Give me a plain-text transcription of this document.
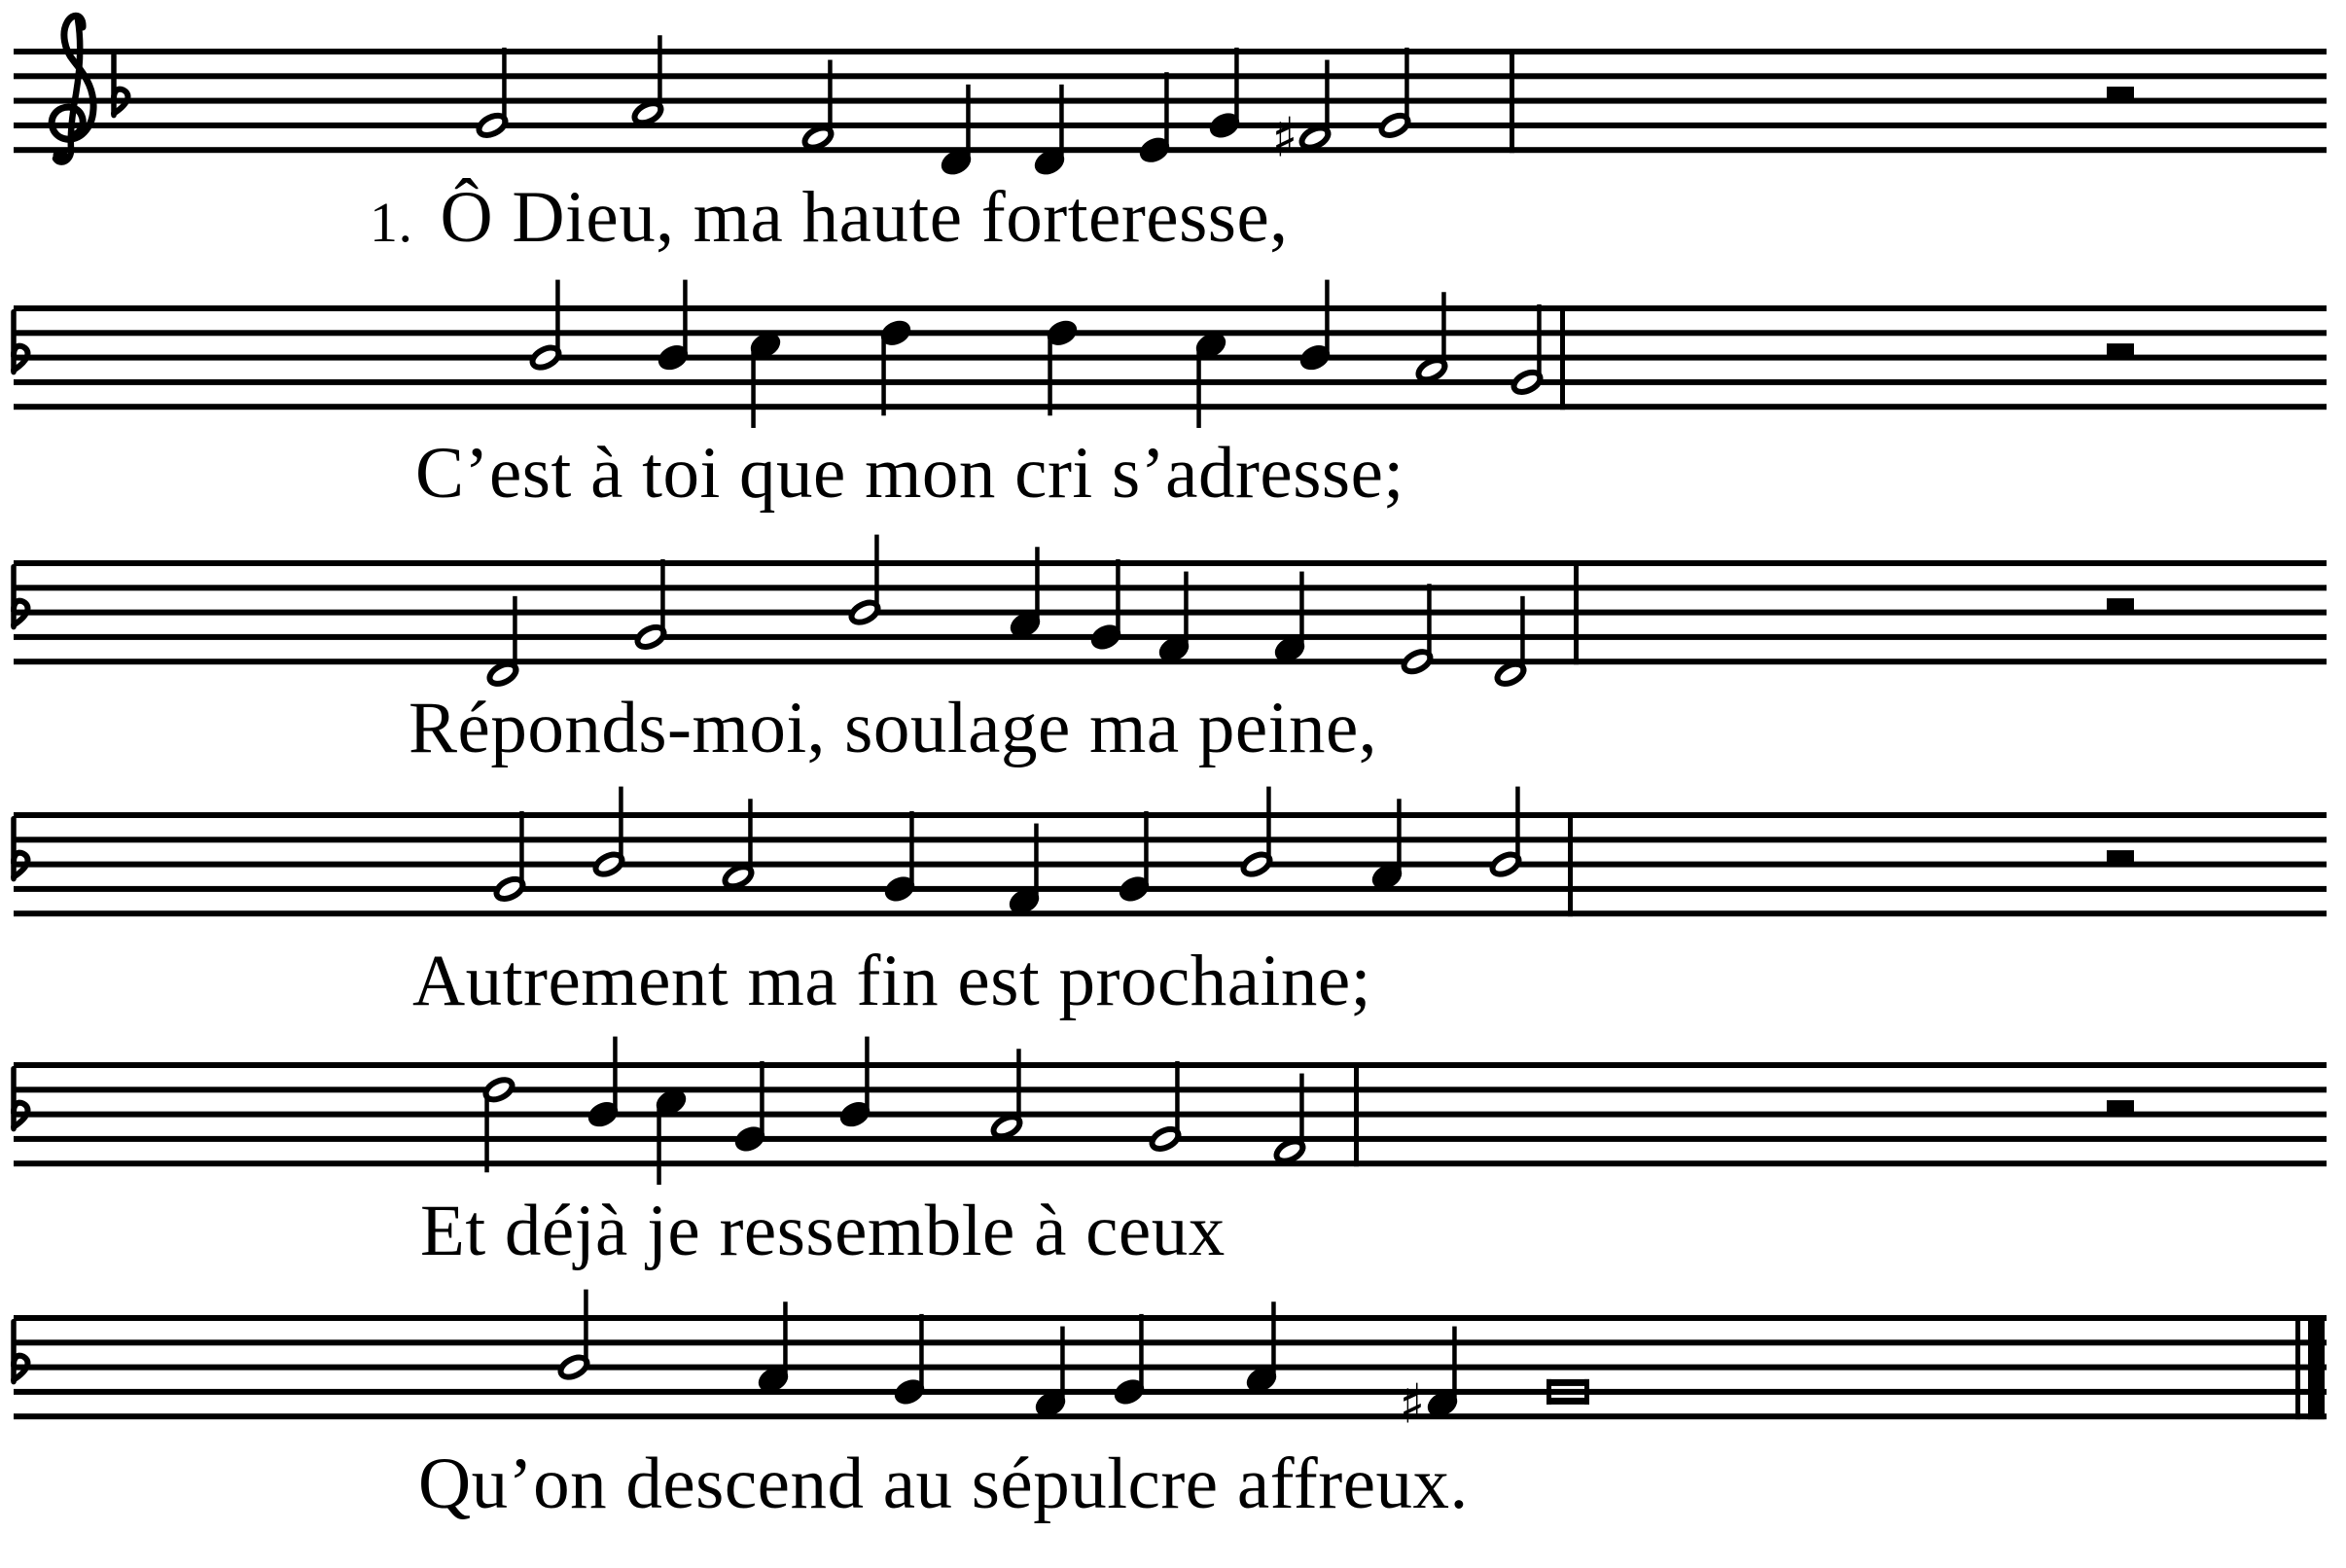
♯
♯
1. Ô Dieu, ma haute forteresse,
C’est à toi que mon cri s’adresse;
Réponds-moi, soulage ma peine,
Autrement ma fin est prochaine;
Et déjà je ressemble à ceux
Qu’on descend au sépulcre affreux.
